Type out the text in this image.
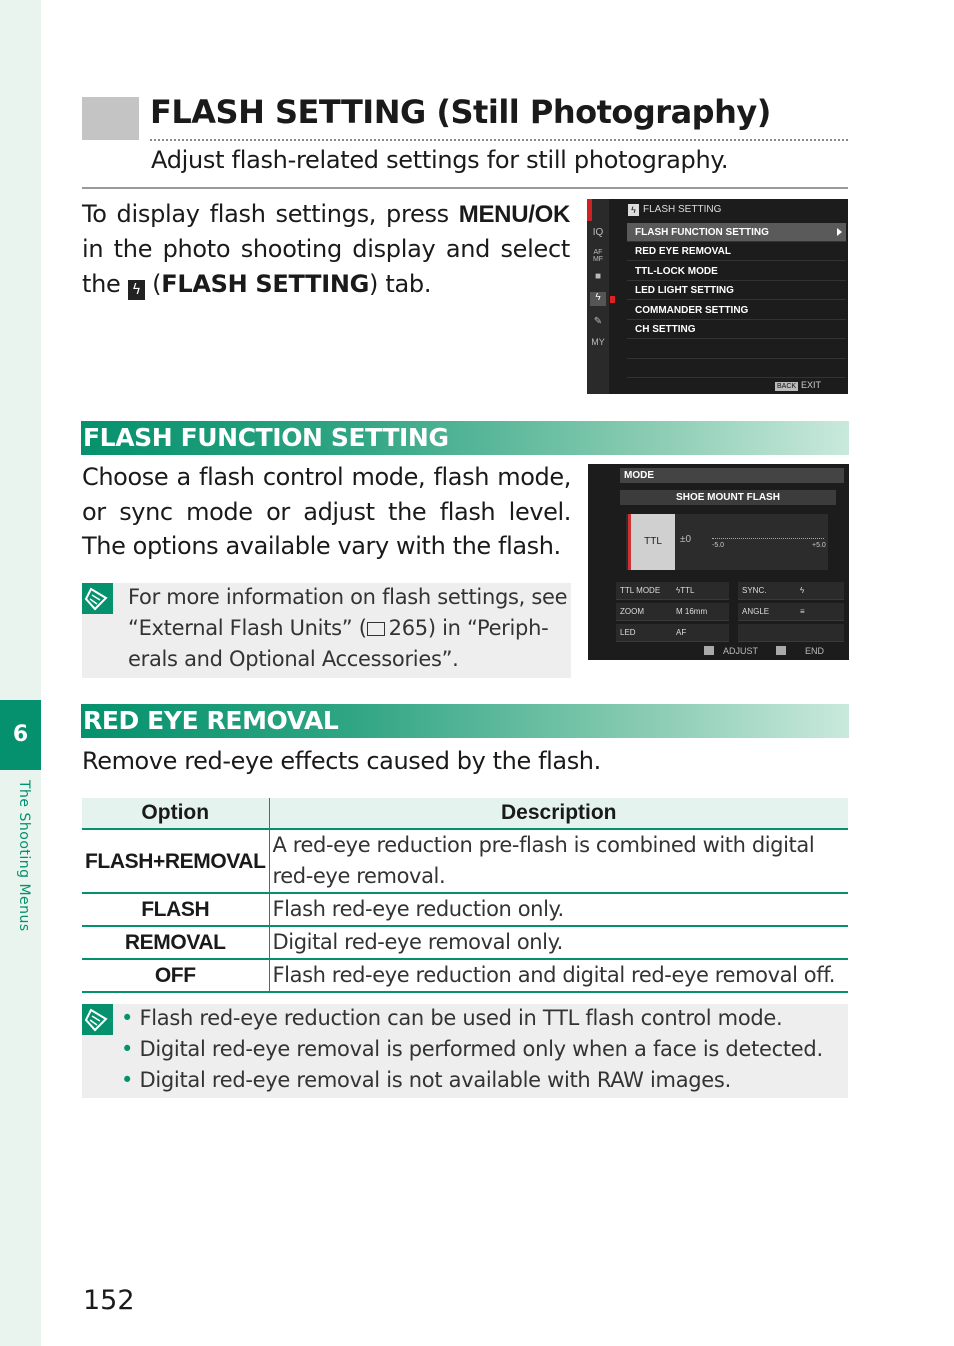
6
The Shooting Menus
FLASH SETTING (Still Photography)
Adjust flash-related settings for still photography.
To display flash settings, press MENU/OK in the photo shooting display and select the ϟ (FLASH SETTING) tab.
IQ
AF MF
■
ϟ
✎
MY
ϟ FLASH SETTING
FLASH FUNCTION SETTING
RED EYE REMOVAL
TTL-LOCK MODE
LED LIGHT SETTING
COMMANDER SETTING
CH SETTING
BACK EXIT
FLASH FUNCTION SETTING
Choose a flash control mode, flash mode, or sync mode or adjust the flash level. The options available vary with the flash.
For more information on flash settings, see
“External Flash Units” ( 265) in “Periph-
erals and Optional Accessories”.
MODE
SHOE MOUNT FLASH
TTL	±0
-5.0	+5.0
TTL MODE ϟTTL	SYNC.	ϟ
ZOOM	M 16mm	ANGLE	≡
LED	AF
ADJUST	END
RED EYE REMOVAL
Remove red-eye effects caused by the flash.
Option	Description
FLASH+REMOVAL	A red-eye reduction pre-flash is combined with digital red-eye removal.
FLASH	Flash red-eye reduction only.
REMOVAL	Digital red-eye removal only.
OFF	Flash red-eye reduction and digital red-eye removal off.
• Flash red-eye reduction can be used in TTL flash control mode.
• Digital red-eye removal is performed only when a face is detected.
• Digital red-eye removal is not available with RAW images.
152
